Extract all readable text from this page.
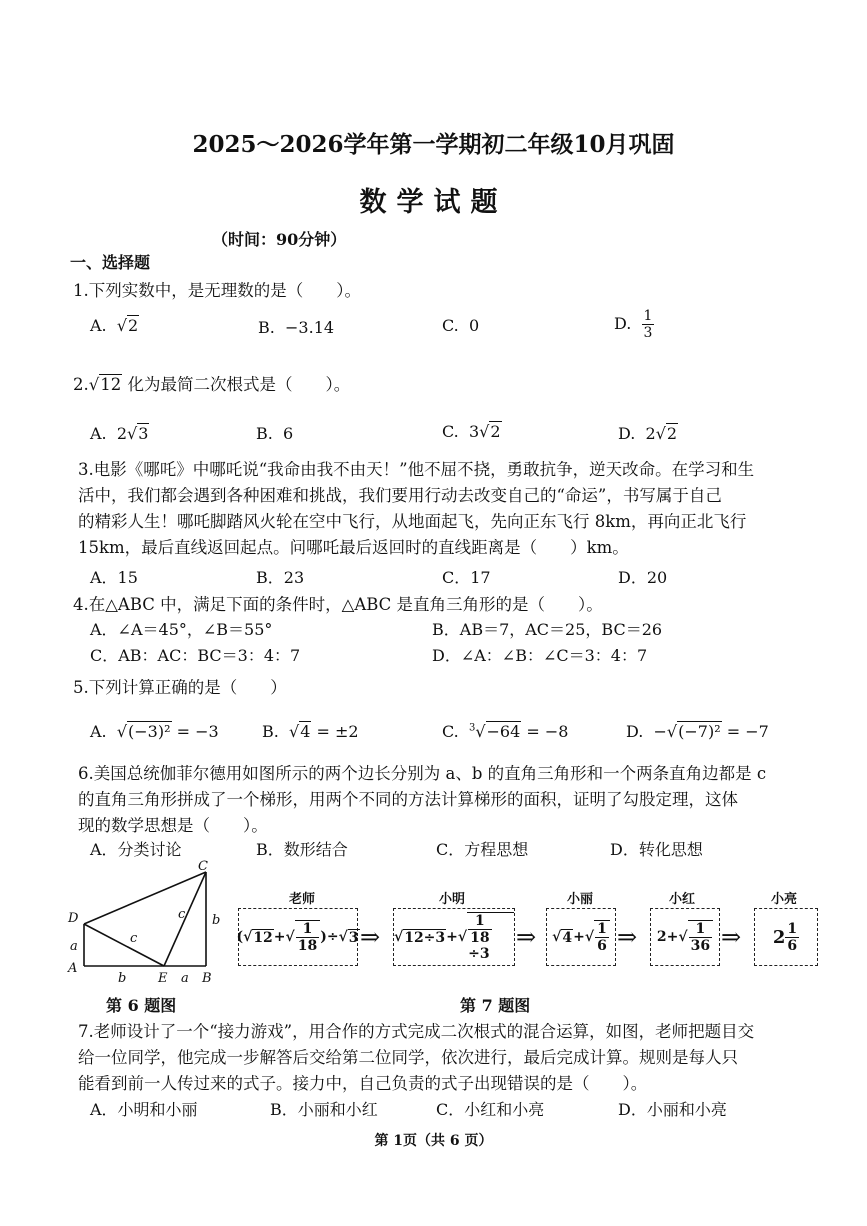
2025～2026学年第一学期初二年级10月巩固
数学试题
（时间：90分钟）
一、选择题
1.下列实数中，是无理数的是（　　）。
A.  √2	B. −3.14	C. 0	D. $\frac{1}{3}$
2.√12 化为最简二次根式是（　　）。
A. 2√3	B. 6	C. 3√2	D. 2√2
3.电影《哪吒》中哪吒说“我命由我不由天！”他不屈不挠，勇敢抗争，逆天改命。在学习和生
活中，我们都会遇到各种困难和挑战，我们要用行动去改变自己的“命运”，书写属于自己
的精彩人生！哪吒脚踏风火轮在空中飞行，从地面起飞，先向正东飞行 8km，再向正北飞行
15km，最后直线返回起点。问哪吒最后返回时的直线距离是（　　）km。
A．15	B．23	C．17	D．20
4.在△ABC 中，满足下面的条件时，△ABC 是直角三角形的是（　　）。
A．∠A＝45°，∠B＝55°	B．AB＝7，AC＝25，BC＝26
C．AB：AC：BC＝3：4：7	D．∠A：∠B：∠C＝3：4：7
5.下列计算正确的是（　　）
A.  √(−3)² = −3	B.  √4 = ±2	C. $^3$√−64 = −8	D. −√(−7)² = −7
6.美国总统伽菲尔德用如图所示的两个边长分别为 a、b 的直角三角形和一个两条直角边都是 c
的直角三角形拼成了一个梯形，用两个不同的方法计算梯形的面积，证明了勾股定理，这体
现的数学思想是（　　）。
A．分类讨论	B．数形结合	C．方程思想	D．转化思想
C
D
A
E	B
a
b	a
c
c b
第 6 题图
老师	小明	小丽	小红	小亮
(√ 12 +√ $\frac{1}{18}$ ) ÷ √ 3 ⇒ √ 12÷3 +√ $\frac{1}{18}$
÷3
⇒	√ 4 +√ $\frac{1}{6}$ ⇒ 2+ √ $\frac{1}{36}$ ⇒ $2 \frac{1}{6}$
第 7 题图
7.老师设计了一个“接力游戏”，用合作的方式完成二次根式的混合运算，如图，老师把题目交
给一位同学，他完成一步解答后交给第二位同学，依次进行，最后完成计算。规则是每人只
能看到前一人传过来的式子。接力中，自己负责的式子出现错误的是（　　）。
A．小明和小丽	B．小丽和小红	C．小红和小亮	D．小丽和小亮
第 1页（共 6 页）
